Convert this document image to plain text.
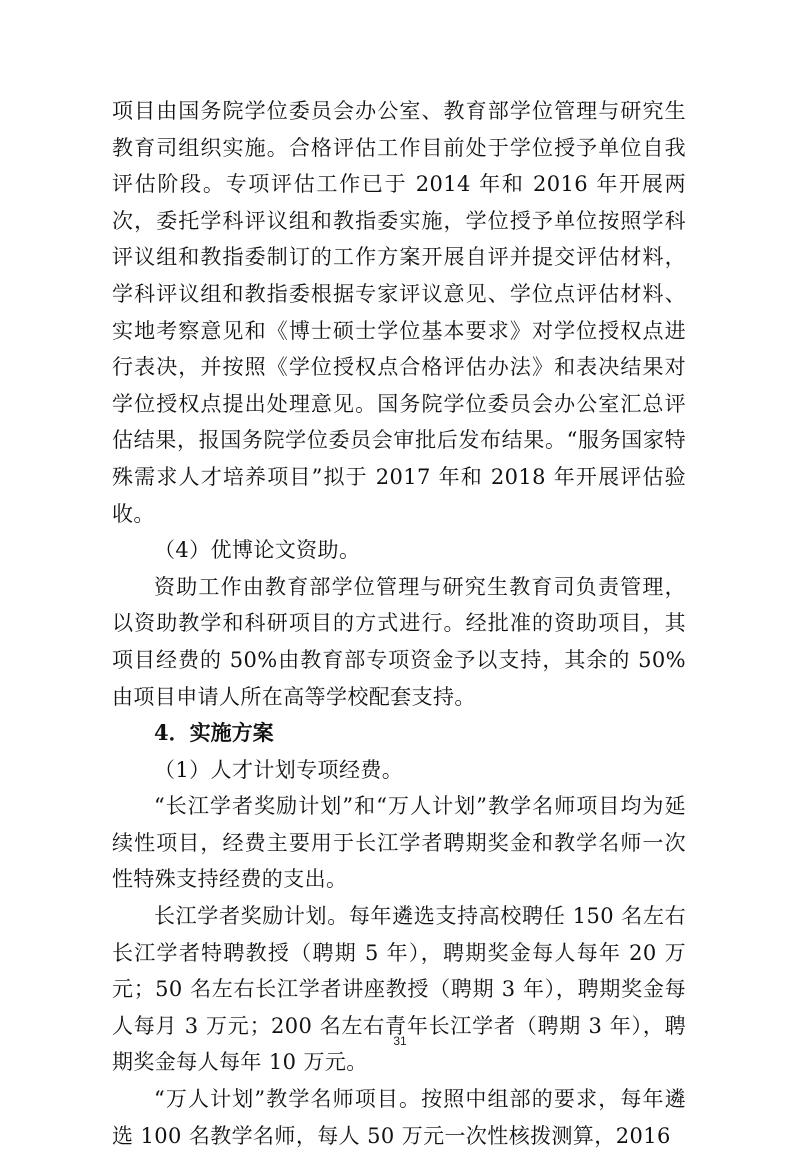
项目由国务院学位委员会办公室、教育部学位管理与研究生教育司组织实施。合格评估工作目前处于学位授予单位自我评估阶段。专项评估工作已于 2014 年和 2016 年开展两次，委托学科评议组和教指委实施，学位授予单位按照学科评议组和教指委制订的工作方案开展自评并提交评估材料，学科评议组和教指委根据专家评议意见、学位点评估材料、实地考察意见和《博士硕士学位基本要求》对学位授权点进行表决，并按照《学位授权点合格评估办法》和表决结果对学位授权点提出处理意见。国务院学位委员会办公室汇总评估结果，报国务院学位委员会审批后发布结果。“服务国家特殊需求人才培养项目”拟于 2017 年和 2018 年开展评估验收。

（4）优博论文资助。

资助工作由教育部学位管理与研究生教育司负责管理，以资助教学和科研项目的方式进行。经批准的资助项目，其项目经费的 50%由教育部专项资金予以支持，其余的 50%由项目申请人所在高等学校配套支持。

4．实施方案

（1）人才计划专项经费。

“长江学者奖励计划”和“万人计划”教学名师项目均为延续性项目，经费主要用于长江学者聘期奖金和教学名师一次性特殊支持经费的支出。

长江学者奖励计划。每年遴选支持高校聘任 150 名左右长江学者特聘教授（聘期 5 年），聘期奖金每人每年 20 万元；50 名左右长江学者讲座教授（聘期 3 年），聘期奖金每人每月 3 万元；200 名左右青年长江学者（聘期 3 年），聘期奖金每人每年 10 万元。

“万人计划”教学名师项目。按照中组部的要求，每年遴选 100 名教学名师，每人 50 万元一次性核拨测算，2016

31
